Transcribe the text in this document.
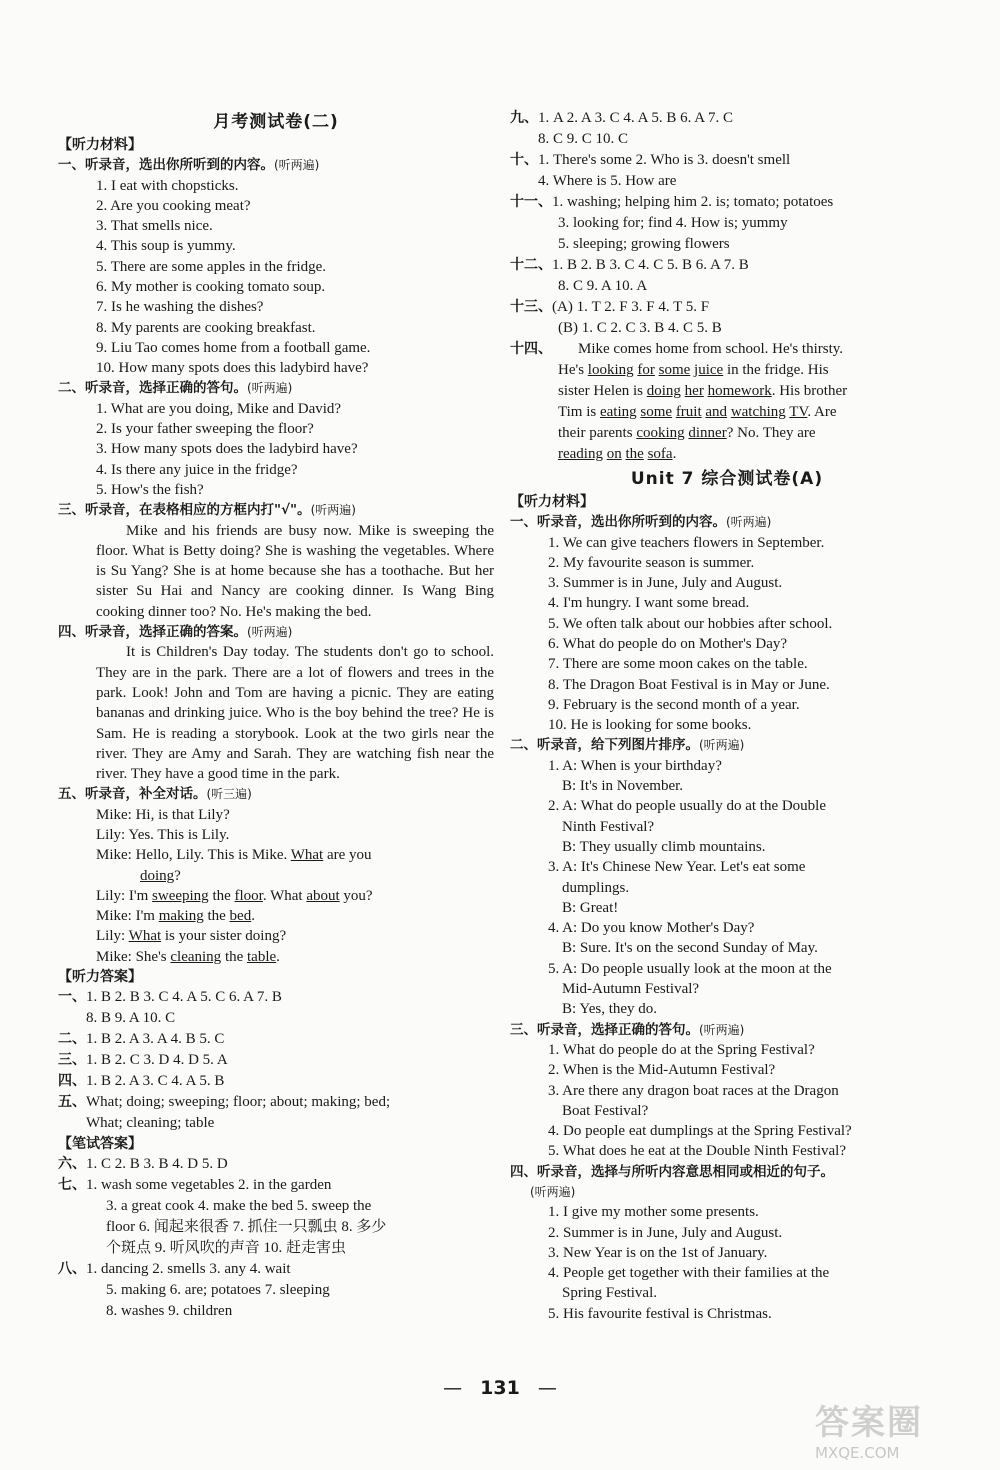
月考测试卷(二)
【听力材料】
一、听录音，选出你所听到的内容。(听两遍)
1. I eat with chopsticks.
2. Are you cooking meat?
3. That smells nice.
4. This soup is yummy.
5. There are some apples in the fridge.
6. My mother is cooking tomato soup.
7. Is he washing the dishes?
8. My parents are cooking breakfast.
9. Liu Tao comes home from a football game.
10. How many spots does this ladybird have?
二、听录音，选择正确的答句。(听两遍)
1. What are you doing, Mike and David?
2. Is your father sweeping the floor?
3. How many spots does the ladybird have?
4. Is there any juice in the fridge?
5. How's the fish?
三、听录音，在表格相应的方框内打"√"。(听两遍)
Mike and his friends are busy now. Mike is sweeping the floor. What is Betty doing? She is washing the vegetables. Where is Su Yang? She is at home because she has a toothache. But her sister Su Hai and Nancy are cooking dinner. Is Wang Bing cooking dinner too? No. He's making the bed.
四、听录音，选择正确的答案。(听两遍)
It is Children's Day today. The students don't go to school. They are in the park. There are a lot of flowers and trees in the park. Look! John and Tom are having a picnic. They are eating bananas and drinking juice. Who is the boy behind the tree? He is Sam. He is reading a storybook. Look at the two girls near the river. They are Amy and Sarah. They are watching fish near the river. They have a good time in the park.
五、听录音，补全对话。(听三遍)
Mike: Hi, is that Lily?
Lily: Yes. This is Lily.
Mike: Hello, Lily. This is Mike. What are you
doing?
Lily: I'm sweeping the floor. What about you?
Mike: I'm making the bed.
Lily: What is your sister doing?
Mike: She's cleaning the table.
【听力答案】
一、1. B 2. B 3. C 4. A 5. C 6. A 7. B
8. B 9. A 10. C
二、1. B 2. A 3. A 4. B 5. C
三、1. B 2. C 3. D 4. D 5. A
四、1. B 2. A 3. C 4. A 5. B
五、What; doing; sweeping; floor; about; making; bed;
What; cleaning; table
【笔试答案】
六、1. C 2. B 3. B 4. D 5. D
七、1. wash some vegetables 2. in the garden
3. a great cook 4. make the bed 5. sweep the
floor 6. 闻起来很香 7. 抓住一只瓢虫 8. 多少
个斑点 9. 听风吹的声音 10. 赶走害虫
八、1. dancing 2. smells 3. any 4. wait
5. making 6. are; potatoes 7. sleeping
8. washes 9. children
九、1. A 2. A 3. C 4. A 5. B 6. A 7. C
8. C 9. C 10. C
十、1. There's some 2. Who is 3. doesn't smell
4. Where is 5. How are
十一、1. washing; helping him 2. is; tomato; potatoes
3. looking for; find 4. How is; yummy
5. sleeping; growing flowers
十二、1. B 2. B 3. C 4. C 5. B 6. A 7. B
8. C 9. A 10. A
十三、(A) 1. T 2. F 3. F 4. T 5. F
(B) 1. C 2. C 3. B 4. C 5. B
十四、 Mike comes home from school. He's thirsty.
He's looking for some juice in the fridge. His
sister Helen is doing her homework. His brother
Tim is eating some fruit and watching TV. Are
their parents cooking dinner? No. They are
reading on the sofa.
Unit 7 综合测试卷(A)
【听力材料】
一、听录音，选出你所听到的内容。(听两遍)
1. We can give teachers flowers in September.
2. My favourite season is summer.
3. Summer is in June, July and August.
4. I'm hungry. I want some bread.
5. We often talk about our hobbies after school.
6. What do people do on Mother's Day?
7. There are some moon cakes on the table.
8. The Dragon Boat Festival is in May or June.
9. February is the second month of a year.
10. He is looking for some books.
二、听录音，给下列图片排序。(听两遍)
1. A: When is your birthday?
B: It's in November.
2. A: What do people usually do at the Double
Ninth Festival?
B: They usually climb mountains.
3. A: It's Chinese New Year. Let's eat some
dumplings.
B: Great!
4. A: Do you know Mother's Day?
B: Sure. It's on the second Sunday of May.
5. A: Do people usually look at the moon at the
Mid-Autumn Festival?
B: Yes, they do.
三、听录音，选择正确的答句。(听两遍)
1. What do people do at the Spring Festival?
2. When is the Mid-Autumn Festival?
3. Are there any dragon boat races at the Dragon
Boat Festival?
4. Do people eat dumplings at the Spring Festival?
5. What does he eat at the Double Ninth Festival?
四、听录音，选择与所听内容意思相同或相近的句子。
(听两遍)
1. I give my mother some presents.
2. Summer is in June, July and August.
3. New Year is on the 1st of January.
4. People get together with their families at the
Spring Festival.
5. His favourite festival is Christmas.
— 131 —
答案圈
MXQE.COM
